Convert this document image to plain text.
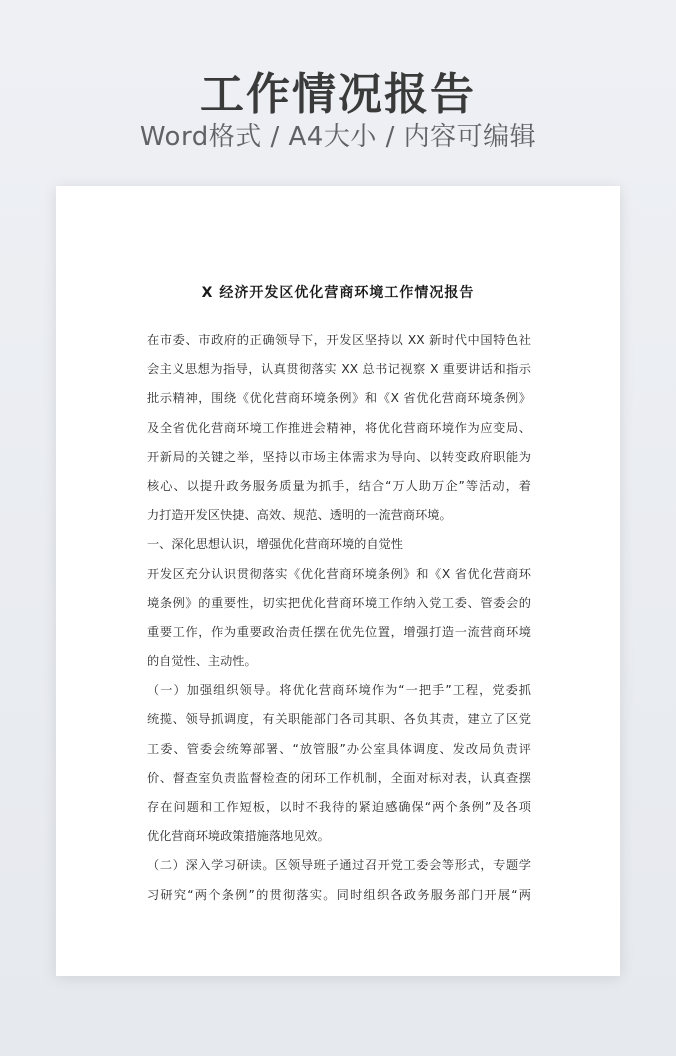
工作情况报告
Word格式 / A4大小 / 内容可编辑
X 经济开发区优化营商环境工作情况报告
在市委、市政府的正确领导下，开发区坚持以 XX 新时代中国特色社
会主义思想为指导，认真贯彻落实 XX 总书记视察 X 重要讲话和指示
批示精神，围绕《优化营商环境条例》和《X 省优化营商环境条例》
及全省优化营商环境工作推进会精神，将优化营商环境作为应变局、
开新局的关键之举，坚持以市场主体需求为导向、以转变政府职能为
核心、以提升政务服务质量为抓手，结合“万人助万企”等活动，着
力打造开发区快捷、高效、规范、透明的一流营商环境。
一、深化思想认识，增强优化营商环境的自觉性
开发区充分认识贯彻落实《优化营商环境条例》和《X 省优化营商环
境条例》的重要性，切实把优化营商环境工作纳入党工委、管委会的
重要工作，作为重要政治责任摆在优先位置，增强打造一流营商环境
的自觉性、主动性。
（一）加强组织领导。将优化营商环境作为“一把手”工程，党委抓
统揽、领导抓调度，有关职能部门各司其职、各负其责，建立了区党
工委、管委会统筹部署、“放管服”办公室具体调度、发改局负责评
价、督查室负责监督检查的闭环工作机制，全面对标对表，认真查摆
存在问题和工作短板，以时不我待的紧迫感确保“两个条例”及各项
优化营商环境政策措施落地见效。
（二）深入学习研读。区领导班子通过召开党工委会等形式，专题学
习研究“两个条例”的贯彻落实。同时组织各政务服务部门开展“两
